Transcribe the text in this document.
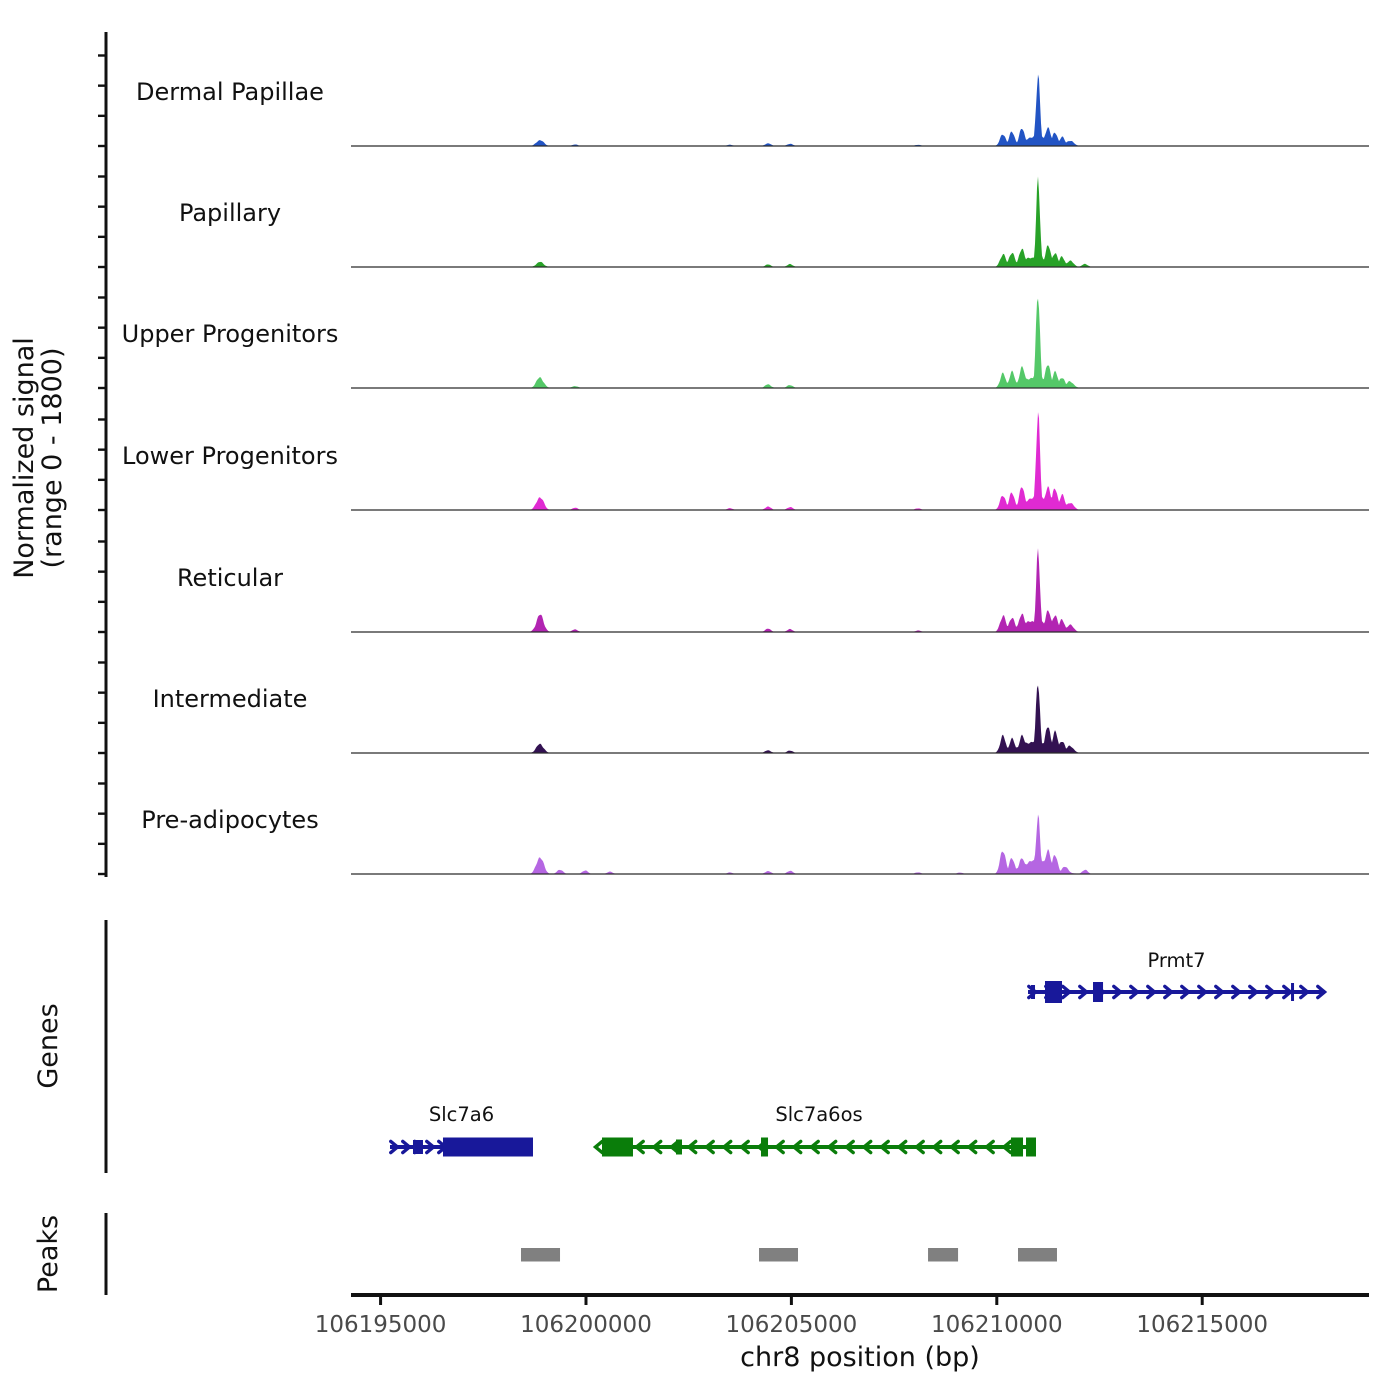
Dermal Papillae
Papillary
Upper Progenitors
Lower Progenitors
Reticular
Intermediate
Pre-adipocytes
Normalized signal
(range 0 - 1800)
Genes
Prmt7
Slc7a6	Slc7a6os
Peaks
106195000	106200000	106205000	106210000	106215000
chr8 position (bp)
